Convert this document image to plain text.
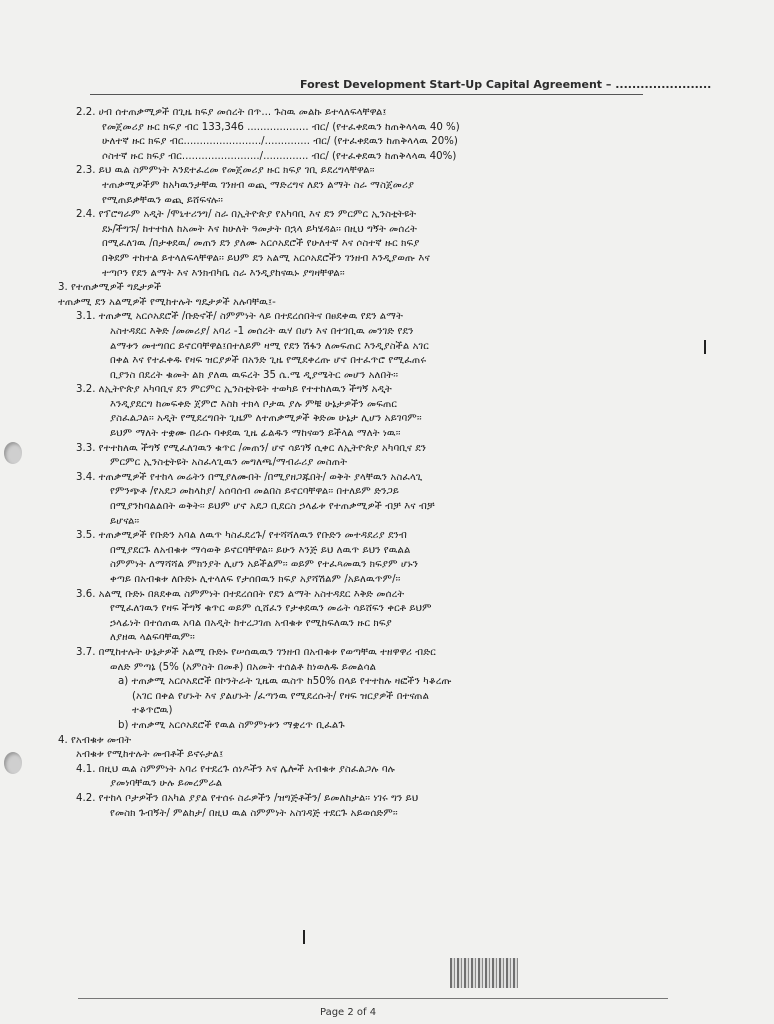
Forest Development Start-Up Capital Agreement – .......................
2.2. ሀብ ሰተጠቃሚዎች በጊዜ ክፍያ መሰረት በጥ... ጉስዉ መልኩ ይተላለፍላቸዋል፤
የመጀመሪያ ዙር ክፍያ ብር 133,346 ................... ብር/ (የተፈቀደዉን ከጠቅላላዉ 40 %)
ሁለተኛ ዙር ክፍያ ብር......................../.............. ብር/ (የተፈቀደዉን ከጠቅላላዉ 20%)
ሶስተኛ ዙር ክፍያ ብር......................../.............. ብር/ (የተፈቀደዉን ከጠቅላላዉ 40%)
2.3. ይህ ዉል ስምምነት እንደተፈረመ የመጀመሪያ ዙር ክፍያ ገቢ ይደረግላቸዋል፡፡
ተጠቃሚዎችም ከአካዉንታቸዉ ገንዘብ ወጪ ማድረግና ለደን ልማት ስራ ማስጀመሪያ
የሚጠይቃቸዉን ወጪ ይሸፍናሉ፡፡
2.4. የፕሮግራም አዲት /ሞኒተሪንግ/ ስራ በኢትዮጵያ የአካባቢ እና ደን ምርምር ኢንስቲትዩት
ደኑ/ችግኙ/ ከተተከለ ከአመት እና ከሁለት ዓመታት በኋላ ይካሄዳል፡፡ በዚህ ግኝት መሰረት
በሚፈለገዉ /በታቀደዉ/ መጠን ደን ያለሙ አርሶአደሮች የሁለተኛ እና ሶስተኛ ዙር ክፍያ
በቅደም ተከተል ይተላለፍላቸዋል፡፡ ይህም ደን አልሚ አርሶአደሮችን ገንዘብ እንዲያወጡ እና
ተጣቦን የደን ልማት እና እንክብካቤ ስራ እንዲያከናዉኑ ያግዛቸዋል፡፡
3. የተጠቃሚዎች ግዴታዎች
ተጠቃሚ ደን አልሚዎች የሚከተሉት ግዴታዎች አሉባቸዉ፤-
3.1. ተጠቃሚ አርሶአደሮች /ቡድኖች/ ስምምነት ላይ በተደረሰበትና በፀደቀዉ የደን ልማት
አስተዳደር እቅድ /መመሪያ/ አባሪ -1 መሰረት ዉሃ በሆነ እና በተገቢዉ መንገድ የደን
ልማቱን መተግበር ይኖርባቸዋል፤በተለይም ዛሚ የደን ሽፋን ለመፍጠር እንዲያስችል አገር
በቀል እና የተፈቀዱ የዛፍ ዝርያዎች በአንድ ጊዜ የሚደቀረጡ ሆኖ በተፈጥሮ የሚፈጠሩ
ቢያንስ በደረት ቁመት ልክ ያለዉ ዉፍረት 35 ሴ.ሜ ዲያሜትር መሆን አለበት፡፡
3.2. ለኢትዮጵያ አካባቢና ደን ምርምር ኢንስቲትዩት ተወካይ የተተከለዉን ችግኝ አዲት
እንዲያደርግ ከመፍቀድ ጀምሮ እስከ ተክላ ቦታዉ ያሉ ምቹ ሁኔታዎችን መፍጠር
ያስፈልጋል፡፡ አዲት የሚደረግበት ጊዜም ለተጠቃሚዎች ቅድመ ሁኔታ ሊሆን አይገባም፡፡
ይህም ማለት ተቋሙ በራሱ ባቀደዉ ጊዜ ፊልዱን ማከናወን ይችላል ማለት ነዉ፡፡
3.3. የተተከለዉ ችግኝ የሚፈለገዉን ቁጥር /መጠን/ ሆኖ ሳይገኝ ሲቀር ለኢትዮጵያ አካባቢና ደን
ምርምር ኢንስቲትዩት አስፈላጊዉን መግለጫ/ማብራሪያ መስጠት
3.4. ተጠቃሚዎች የተከላ መሬትን በሚያለሙበት /በሚያዘጋጁበት/ ወቅት ያላቸዉን አስፈላጊ
የምንጭቶ /የአደጋ መከላከያ/ አሰባሰብ መልበስ ይኖርባቸዋል፡፡ በተለይም ድንጋይ
በሚያንከባልልበት ወቅት፡፡ ይህም ሆኖ አደጋ ቢደርስ ኃላፊቱ የተጠቃሚዎች ብቻ እና ብቻ
ይሆናል፡፡
3.5. ተጠቃሚዎች የቡድን አባል ለዉጥ ካስፈደረጉ/ የተሻሻለዉን የቡድን መተዳደሪያ ደንብ
በሚያደርጉ ለአብቁቱ ማሳወቅ ይኖርባቸዋል፡፡ ይሁን እንጅ ይህ ለዉጥ ይህን የዉልል
ስምምነት ለማሻሻል ምክንያት ሊሆን አይችልም፡፡ ወይም የተፈጻመዉን ክፍያም ሆኑን
ቀጣይ በአብቁቱ ለቡድኑ ሊተላለፍ የታሰበዉን ክፍያ አያሻሽልም /አይለዉጥም/፡፡
3.6. አልሚ ቡድኑ በጸደቀዉ ስምምነት በተደረሰበት የደን ልማት አስተዳደር እቅድ መሰረት
የሚፈለገዉን የዛፍ ችግኝ ቁጥር ወይም ሲሸፈን የታቀደዉን መሬት ሳይሸፍን ቀርቶ ይህም
ኃላፊነት በተሰጠዉ አባል በአዲት ከተረጋገጠ አብቁቱ የሚከፍለዉን ዙር ክፍያ
ለያዘዉ ላልፍባቸዉም፡፡
3.7. በሚከተሉት ሁኔታዎች አልሚ ቡድኑ የሠሰዉዉን ገንዘብ በአብቁቱ የወጣቸዉ ተዘዋዋሪ ብድር
ወለድ ምጣኔ (5% (አምስት በመቶ) በአመት ተሰልቶ ከነወለዱ ይመልሳል
a) ተጠቃሚ አርሶአደሮች በኮንትራት ጊዜዉ ዉስጥ ከ50% በላይ የተተከሉ ዛፎችን ካቆረጡ
(አገር በቀል የሆኑት እና ያልሆኑት /ፈጣንዉ የሚደረሱት/ የዛፍ ዝርያዎች በተናጠል
ተቆጥሮዉ)
b) ተጠቃሚ አርሶአደሮች የዉል ስምምነቱን ማቋረጥ ቢፈልጉ
4. የአብቁቱ መብት
አብቁቱ የሚከተሉት መብቶች ይኖሩታል፤
4.1. በዚህ ዉል ስምምነት አባሪ የተደረጉ ሰነዶችን እና ሌሎች አብቁቱ ያስፈልጋሉ ባሉ
ያመነባቸዉን ሁሉ ይመረምራል
4.2. የተከላ ቦታዎችን በአካል ያያል የተሰሩ ስራዎችን /ዝግጅቶችን/ ይመለከታል፡፡ ነገሩ ግን ይህ
የመስክ ጉብኝት/ ምልከታ/ በዚህ ዉል ስምምነት አስገዳጅ ተደርጉ አይወሰድም፡፡
Page 2 of 4
